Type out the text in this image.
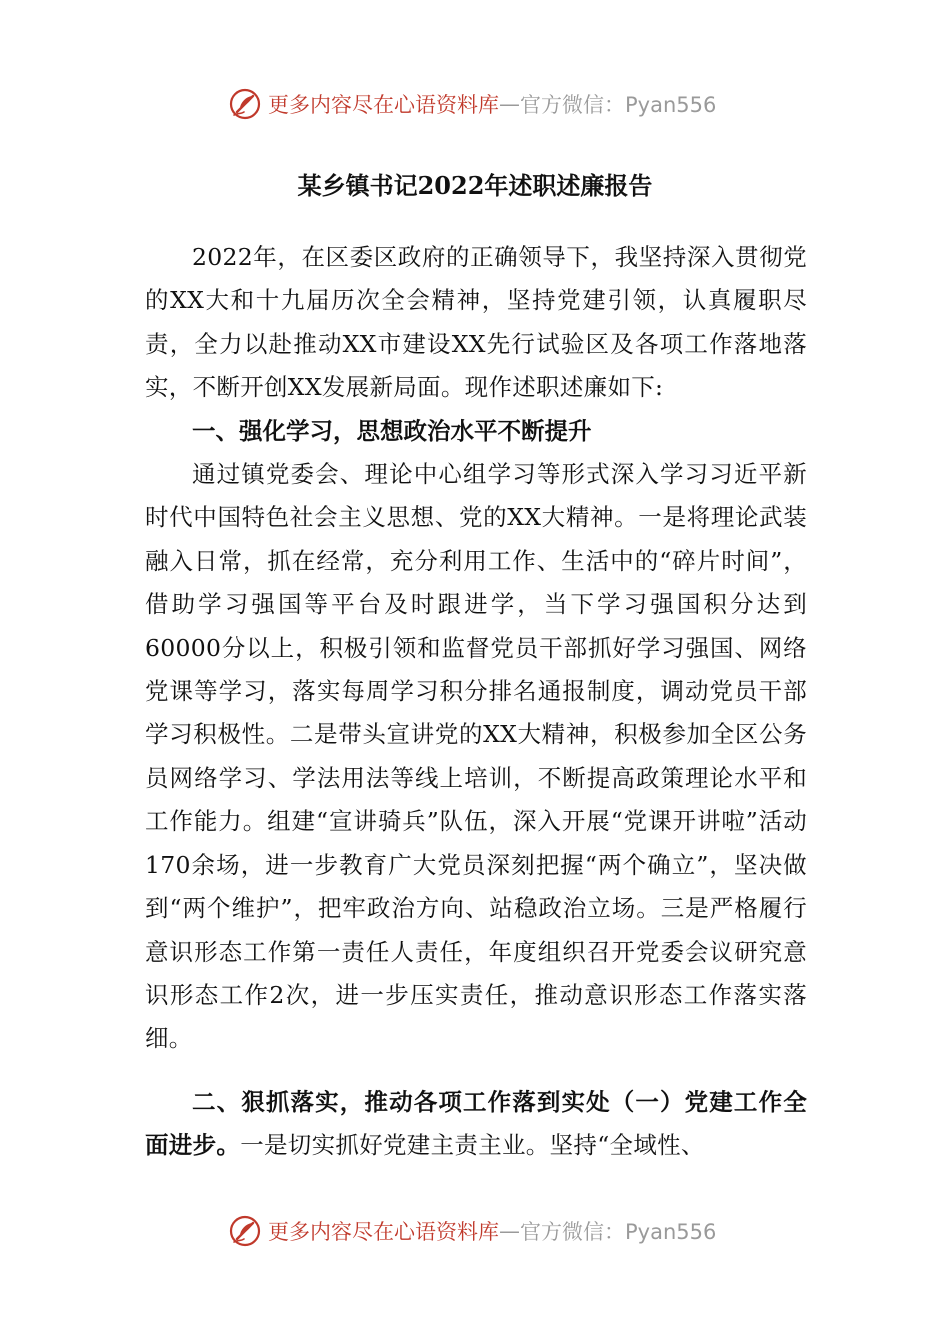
更多内容尽在心语资料库 — 官方微信：Pyan556
某乡镇书记2022年述职述廉报告

2022年，在区委区政府的正确领导下，我坚持深入贯彻党的XX大和十九届历次全会精神，坚持党建引领，认真履职尽责，全力以赴推动XX市建设XX先行试验区及各项工作落地落实，不断开创XX发展新局面。现作述职述廉如下:

一、强化学习，思想政治水平不断提升

通过镇党委会、理论中心组学习等形式深入学习习近平新时代中国特色社会主义思想、党的XX大精神。一是将理论武装融入日常，抓在经常，充分利用工作、生活中的“碎片时间”，借助学习强国等平台及时跟进学，当下学习强国积分达到60000分以上，积极引领和监督党员干部抓好学习强国、网络党课等学习，落实每周学习积分排名通报制度，调动党员干部学习积极性。二是带头宣讲党的XX大精神，积极参加全区公务员网络学习、学法用法等线上培训，不断提高政策理论水平和工作能力。组建“宣讲骑兵”队伍，深入开展“党课开讲啦”活动170余场，进一步教育广大党员深刻把握“两个确立”，坚决做到“两个维护”，把牢政治方向、站稳政治立场。三是严格履行意识形态工作第一责任人责任，年度组织召开党委会议研究意识形态工作2次，进一步压实责任，推动意识形态工作落实落细。

二、狠抓落实，推动各项工作落到实处（一）党建工作全面进步。一是切实抓好党建主责主业。坚持“全域性、

更多内容尽在心语资料库 — 官方微信：Pyan556
